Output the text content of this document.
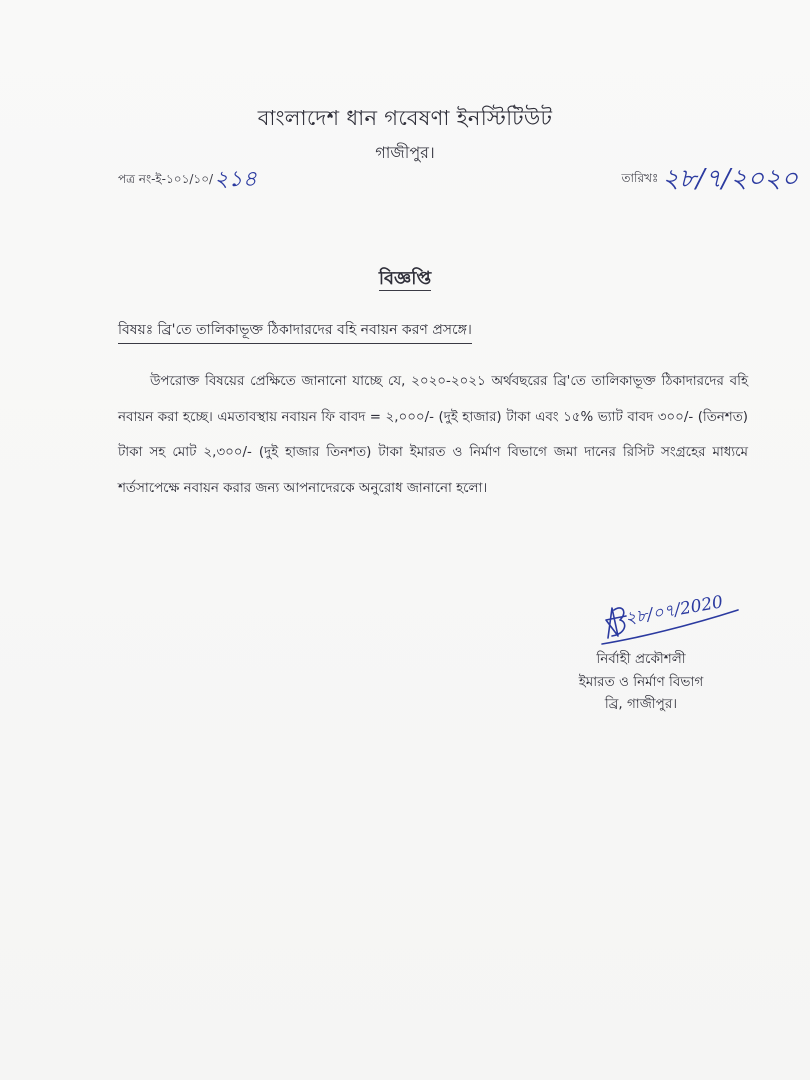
বাংলাদেশ ধান গবেষণা ইনস্টিটিউট
গাজীপুর।
পত্র নং-ই-১০১/১০/২১৪	তারিখঃ ২৮/৭/২০২০
বিজ্ঞপ্তি
বিষয়ঃ ব্রি'তে তালিকাভূক্ত ঠিকাদারদের বহি নবায়ন করণ প্রসঙ্গে।
উপরোক্ত বিষয়ের প্রেক্ষিতে জানানো যাচ্ছে যে, ২০২০-২০২১ অর্থবছরের ব্রি'তে তালিকাভূক্ত ঠিকাদারদের বহি নবায়ন করা হচ্ছে। এমতাবস্থায় নবায়ন ফি বাবদ = ২,০০০/- (দুই হাজার) টাকা এবং ১৫% ভ্যাট বাবদ ৩০০/- (তিনশত) টাকা সহ মোট ২,৩০০/- (দুই হাজার তিনশত) টাকা ইমারত ও নির্মাণ বিভাগে জমা দানের রিসিট সংগ্রহের মাধ্যমে শর্তসাপেক্ষে নবায়ন করার জন্য আপনাদেরকে অনুরোধ জানানো হলো।
২৮/০৭/2020
নির্বাহী প্রকৌশলী
ইমারত ও নির্মাণ বিভাগ
ব্রি, গাজীপুর।
